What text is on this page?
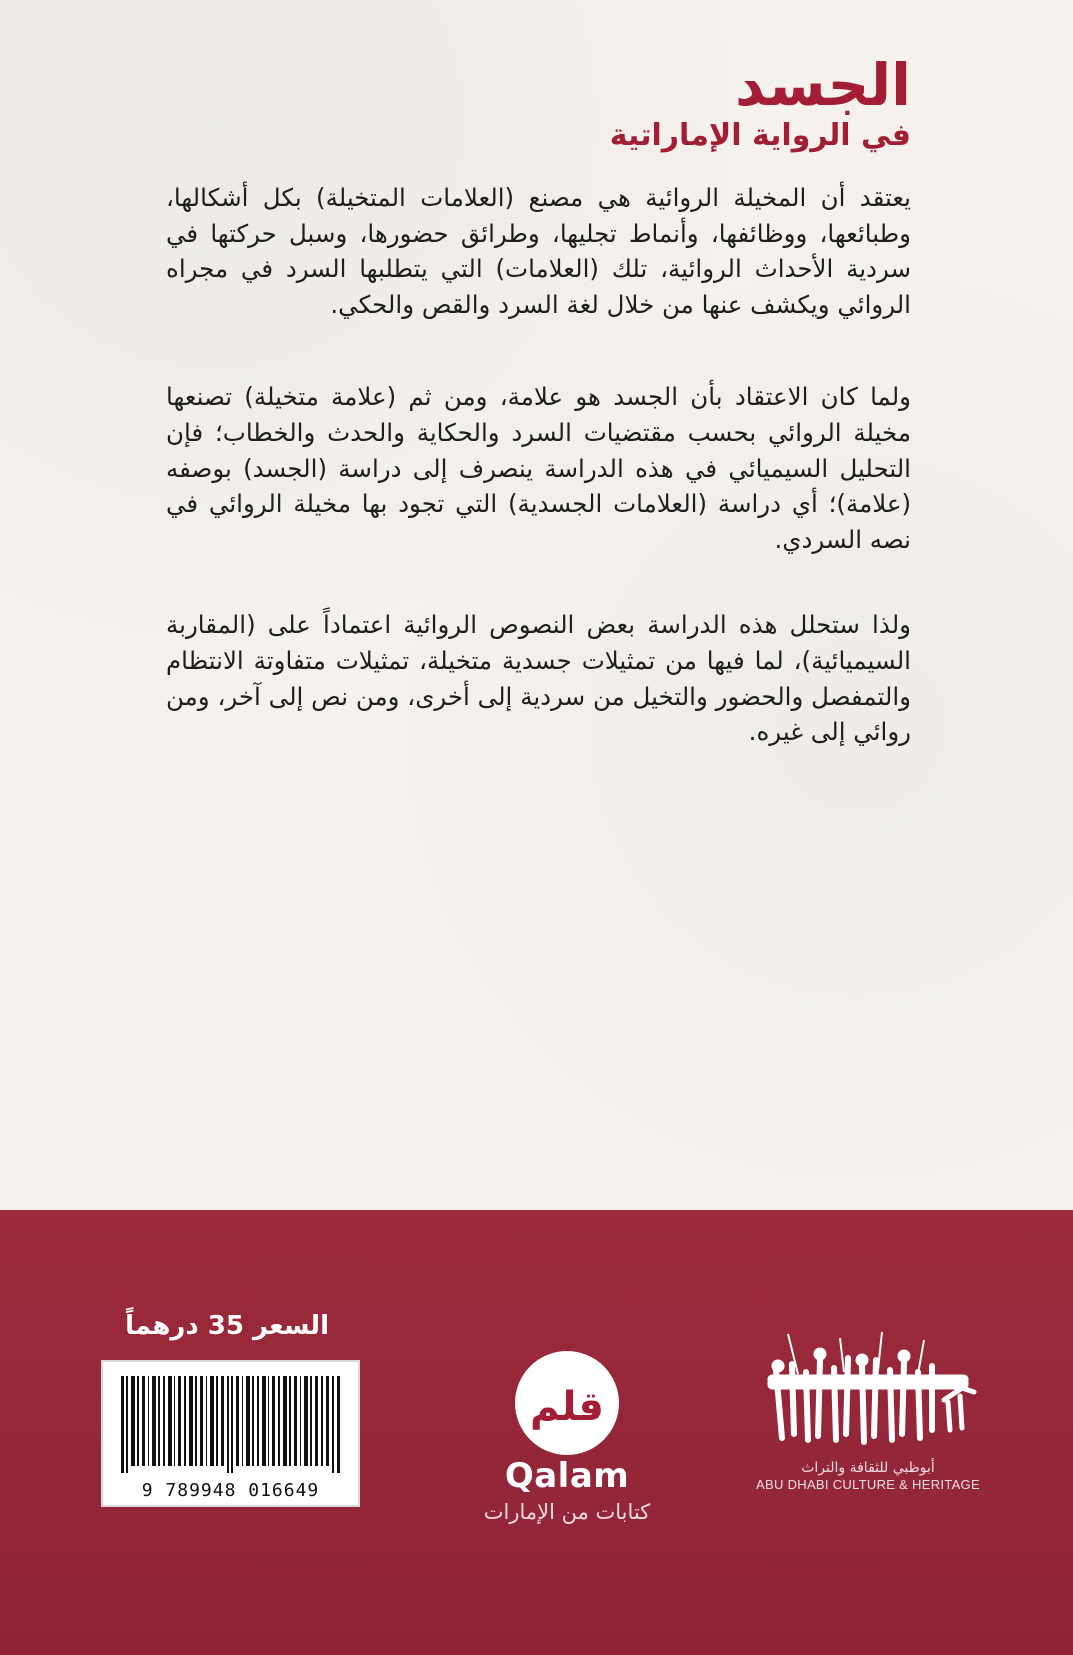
الجسد
في الرواية الإماراتية

يعتقد أن المخيلة الروائية هي مصنع (العلامات المتخيلة) بكل أشكالها، وطبائعها، ووظائفها، وأنماط تجليها، وطرائق حضورها، وسبل حركتها في سردية الأحداث الروائية، تلك (العلامات) التي يتطلبها السرد في مجراه الروائي ويكشف عنها من خلال لغة السرد والقص والحكي.

ولما كان الاعتقاد بأن الجسد هو علامة، ومن ثم (علامة متخيلة) تصنعها مخيلة الروائي بحسب مقتضيات السرد والحكاية والحدث والخطاب؛ فإن التحليل السيميائي في هذه الدراسة ينصرف إلى دراسة (الجسد) بوصفه (علامة)؛ أي دراسة (العلامات الجسدية) التي تجود بها مخيلة الروائي في نصه السردي.

ولذا ستحلل هذه الدراسة بعض النصوص الروائية اعتماداً على (المقاربة السيميائية)، لما فيها من تمثيلات جسدية متخيلة، تمثيلات متفاوتة الانتظام والتمفصل والحضور والتخيل من سردية إلى أخرى، ومن نص إلى آخر، ومن روائي إلى غيره.

السعر 35 درهماً
9 789948 016649
قلم
Qalam
كتابات من الإمارات
أبوظبي للثقافة والتراث
ABU DHABI CULTURE & HERITAGE
